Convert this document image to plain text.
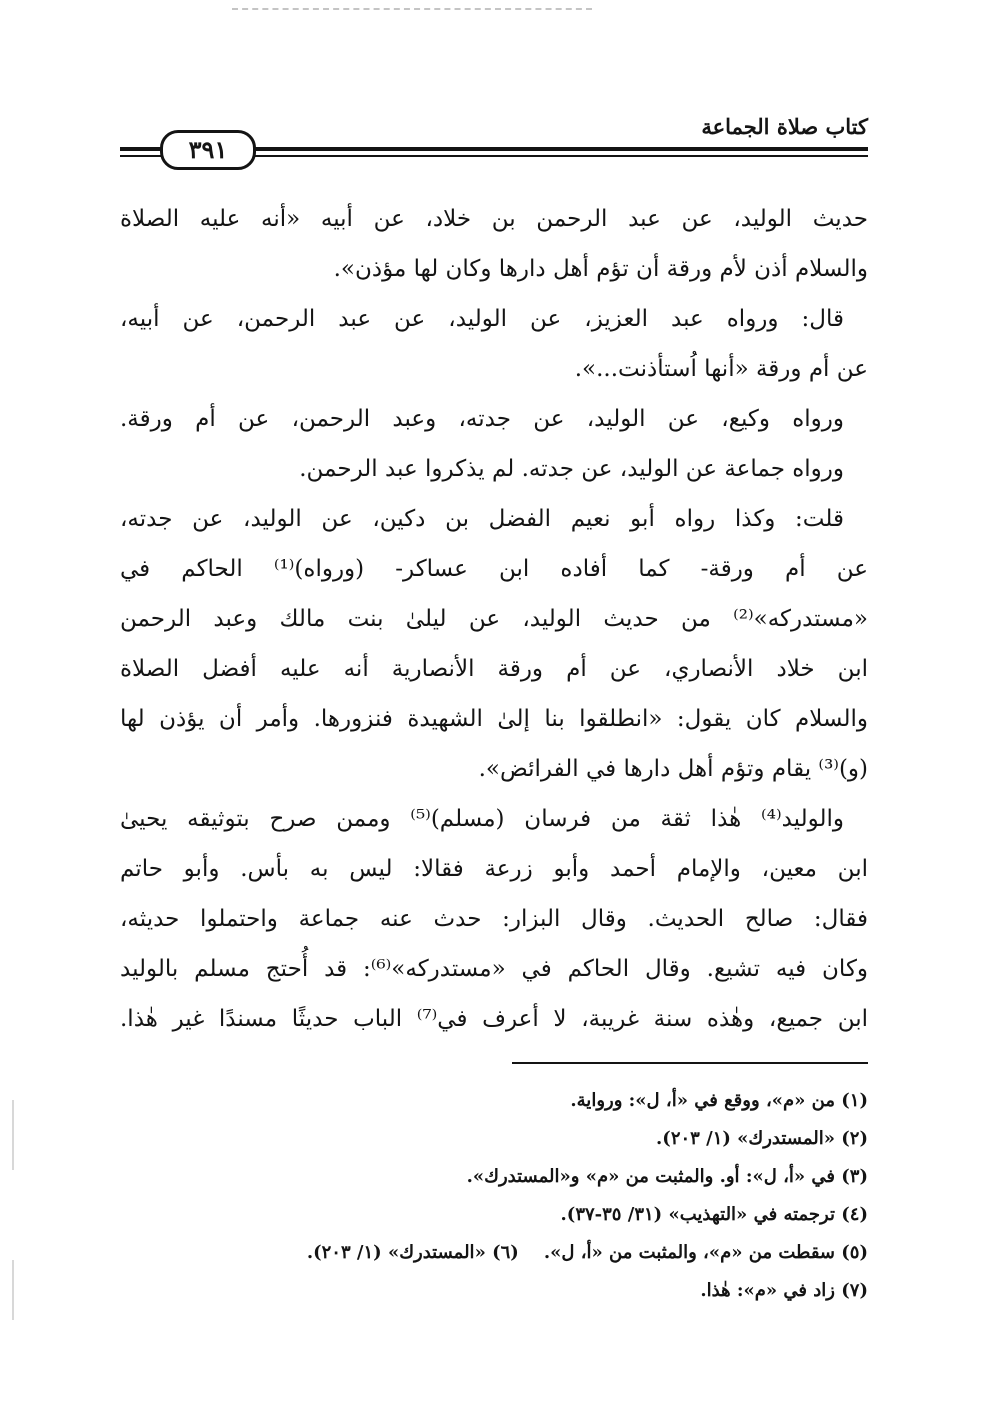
كتاب صلاة الجماعة
٣٩١
حديث الوليد، عن عبد الرحمن بن خلاد، عن أبيه «أنه عليه الصلاة
والسلام أذن لأم ورقة أن تؤم أهل دارها وكان لها مؤذن».
قال: ورواه عبد العزيز، عن الوليد، عن عبد الرحمن، عن أبيه،
عن أم ورقة «أنها اُستأذنت...».
ورواه وكيع، عن الوليد، عن جدته، وعبد الرحمن، عن أم ورقة.
ورواه جماعة عن الوليد، عن جدته. لم يذكروا عبد الرحمن.
قلت: وكذا رواه أبو نعيم الفضل بن دكين، عن الوليد، عن جدته،
عن أم ورقة- كما أفاده ابن عساكر- (ورواه)⁽¹⁾ الحاكم في
«مستدركه»⁽²⁾ من حديث الوليد، عن ليلىٰ بنت مالك وعبد الرحمن
ابن خلاد الأنصاري، عن أم ورقة الأنصارية أنه عليه أفضل الصلاة
والسلام كان يقول: «انطلقوا بنا إلىٰ الشهيدة فنزورها. وأمر أن يؤذن لها
(و)⁽³⁾ يقام وتؤم أهل دارها في الفرائض».
والوليد⁽⁴⁾ هٰذا ثقة من فرسان (مسلم)⁽⁵⁾ وممن صرح بتوثيقه يحيىٰ
ابن معين، والإمام أحمد وأبو زرعة فقالا: ليس به بأس. وأبو حاتم
فقال: صالح الحديث. وقال البزار: حدث عنه جماعة واحتملوا حديثه،
وكان فيه تشيع. وقال الحاكم في «مستدركه»⁽⁶⁾: قد أُحتج مسلم بالوليد
ابن جميع، وهٰذه سنة غريبة، لا أعرف في⁽⁷⁾ الباب حديثًا مسندًا غير هٰذا.
(١) من «م»، ووقع في «أ، ل»: ورواية.
(٢) «المستدرك» (١/ ٢٠٣).
(٣) في «أ، ل»: أو. والمثبت من «م» و«المستدرك».
(٤) ترجمته في «التهذيب» (٣١/ ٣٥-٣٧).
(٥) سقطت من «م»، والمثبت من «أ، ل».    (٦) «المستدرك» (١/ ٢٠٣).
(٧) زاد في «م»: هٰذا.
